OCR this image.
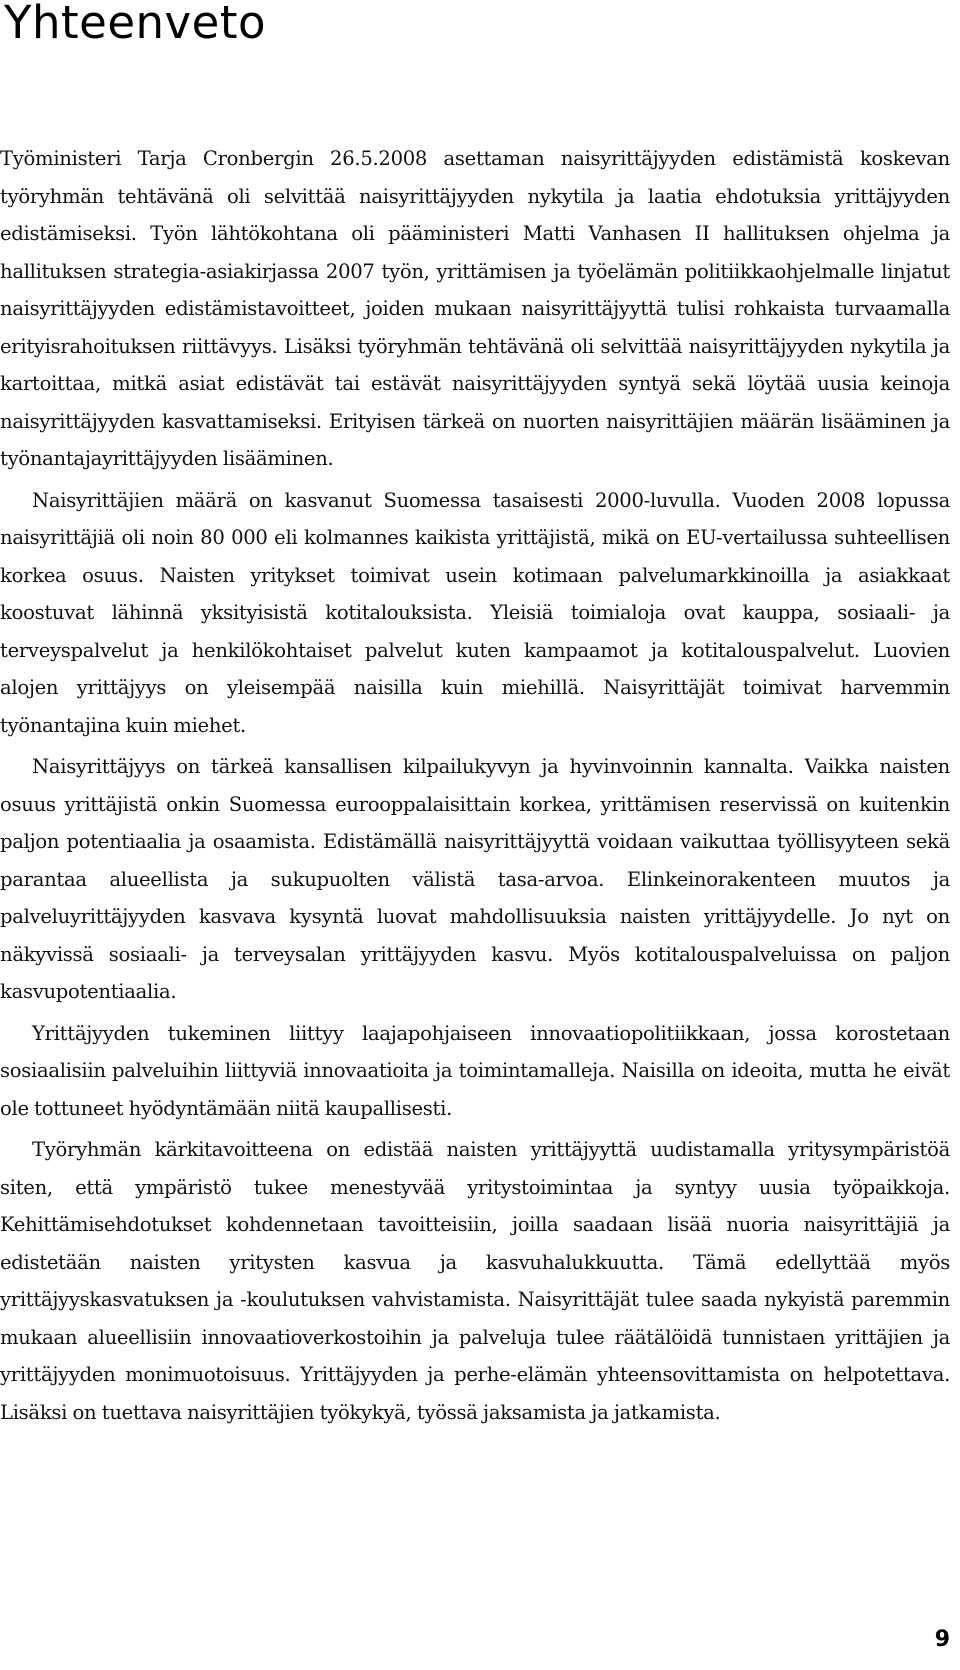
Yhteenveto

Työministeri Tarja Cronbergin 26.5.2008 asettaman naisyrittäjyyden edistämistä koskevan työryhmän tehtävänä oli selvittää naisyrittäjyyden nykytila ja laatia ehdotuksia yrittäjyyden edistämiseksi. Työn lähtökohtana oli pääministeri Matti Vanhasen II hallituksen ohjelma ja hallituksen strategia-asiakirjassa 2007 työn, yrittämisen ja työelämän politiikkaohjelmalle linjatut naisyrittäjyyden edistämistavoitteet, joiden mukaan naisyrittäjyyttä tulisi rohkaista turvaamalla erityisrahoituksen riittävyys. Lisäksi työryhmän tehtävänä oli selvittää naisyrittäjyyden nykytila ja kartoittaa, mitkä asiat edistävät tai estävät naisyrittäjyyden syntyä sekä löytää uusia keinoja naisyrittäjyyden kasvattamiseksi. Erityisen tärkeä on nuorten naisyrittäjien määrän lisääminen ja työnantajayrittäjyyden lisääminen.

Naisyrittäjien määrä on kasvanut Suomessa tasaisesti 2000-luvulla. Vuoden 2008 lopussa naisyrittäjiä oli noin 80 000 eli kolmannes kaikista yrittäjistä, mikä on EU-vertailussa suhteellisen korkea osuus. Naisten yritykset toimivat usein kotimaan palvelumarkkinoilla ja asiakkaat koostuvat lähinnä yksityisistä kotitalouksista. Yleisiä toimialoja ovat kauppa, sosiaali- ja terveyspalvelut ja henkilökohtaiset palvelut kuten kampaamot ja kotitalouspalvelut. Luovien alojen yrittäjyys on yleisempää naisilla kuin miehillä. Naisyrittäjät toimivat harvemmin työnantajina kuin miehet.

Naisyrittäjyys on tärkeä kansallisen kilpailukyvyn ja hyvinvoinnin kannalta. Vaikka naisten osuus yrittäjistä onkin Suomessa eurooppalaisittain korkea, yrittämisen reservissä on kuitenkin paljon potentiaalia ja osaamista. Edistämällä naisyrittäjyyttä voidaan vaikuttaa työllisyyteen sekä parantaa alueellista ja sukupuolten välistä tasa-arvoa. Elinkeinorakenteen muutos ja palveluyrittäjyyden kasvava kysyntä luovat mahdollisuuksia naisten yrittäjyydelle. Jo nyt on näkyvissä sosiaali- ja terveysalan yrittäjyyden kasvu. Myös kotitalouspalveluissa on paljon kasvupotentiaalia.

Yrittäjyyden tukeminen liittyy laajapohjaiseen innovaatiopolitiikkaan, jossa korostetaan sosiaalisiin palveluihin liittyviä innovaatioita ja toimintamalleja. Naisilla on ideoita, mutta he eivät ole tottuneet hyödyntämään niitä kaupallisesti.

Työryhmän kärkitavoitteena on edistää naisten yrittäjyyttä uudistamalla yritysympäristöä siten, että ympäristö tukee menestyvää yritystoimintaa ja syntyy uusia työpaikkoja. Kehittämisehdotukset kohdennetaan tavoitteisiin, joilla saadaan lisää nuoria naisyrittäjiä ja edistetään naisten yritysten kasvua ja kasvuhalukkuutta. Tämä edellyttää myös yrittäjyyskasvatuksen ja -koulutuksen vahvistamista. Naisyrittäjät tulee saada nykyistä paremmin mukaan alueellisiin innovaatioverkostoihin ja palveluja tulee räätälöidä tunnistaen yrittäjien ja yrittäjyyden monimuotoisuus. Yrittäjyyden ja perhe-elämän yhteensovittamista on helpotettava. Lisäksi on tuettava naisyrittäjien työkykyä, työssä jaksamista ja jatkamista.

9
